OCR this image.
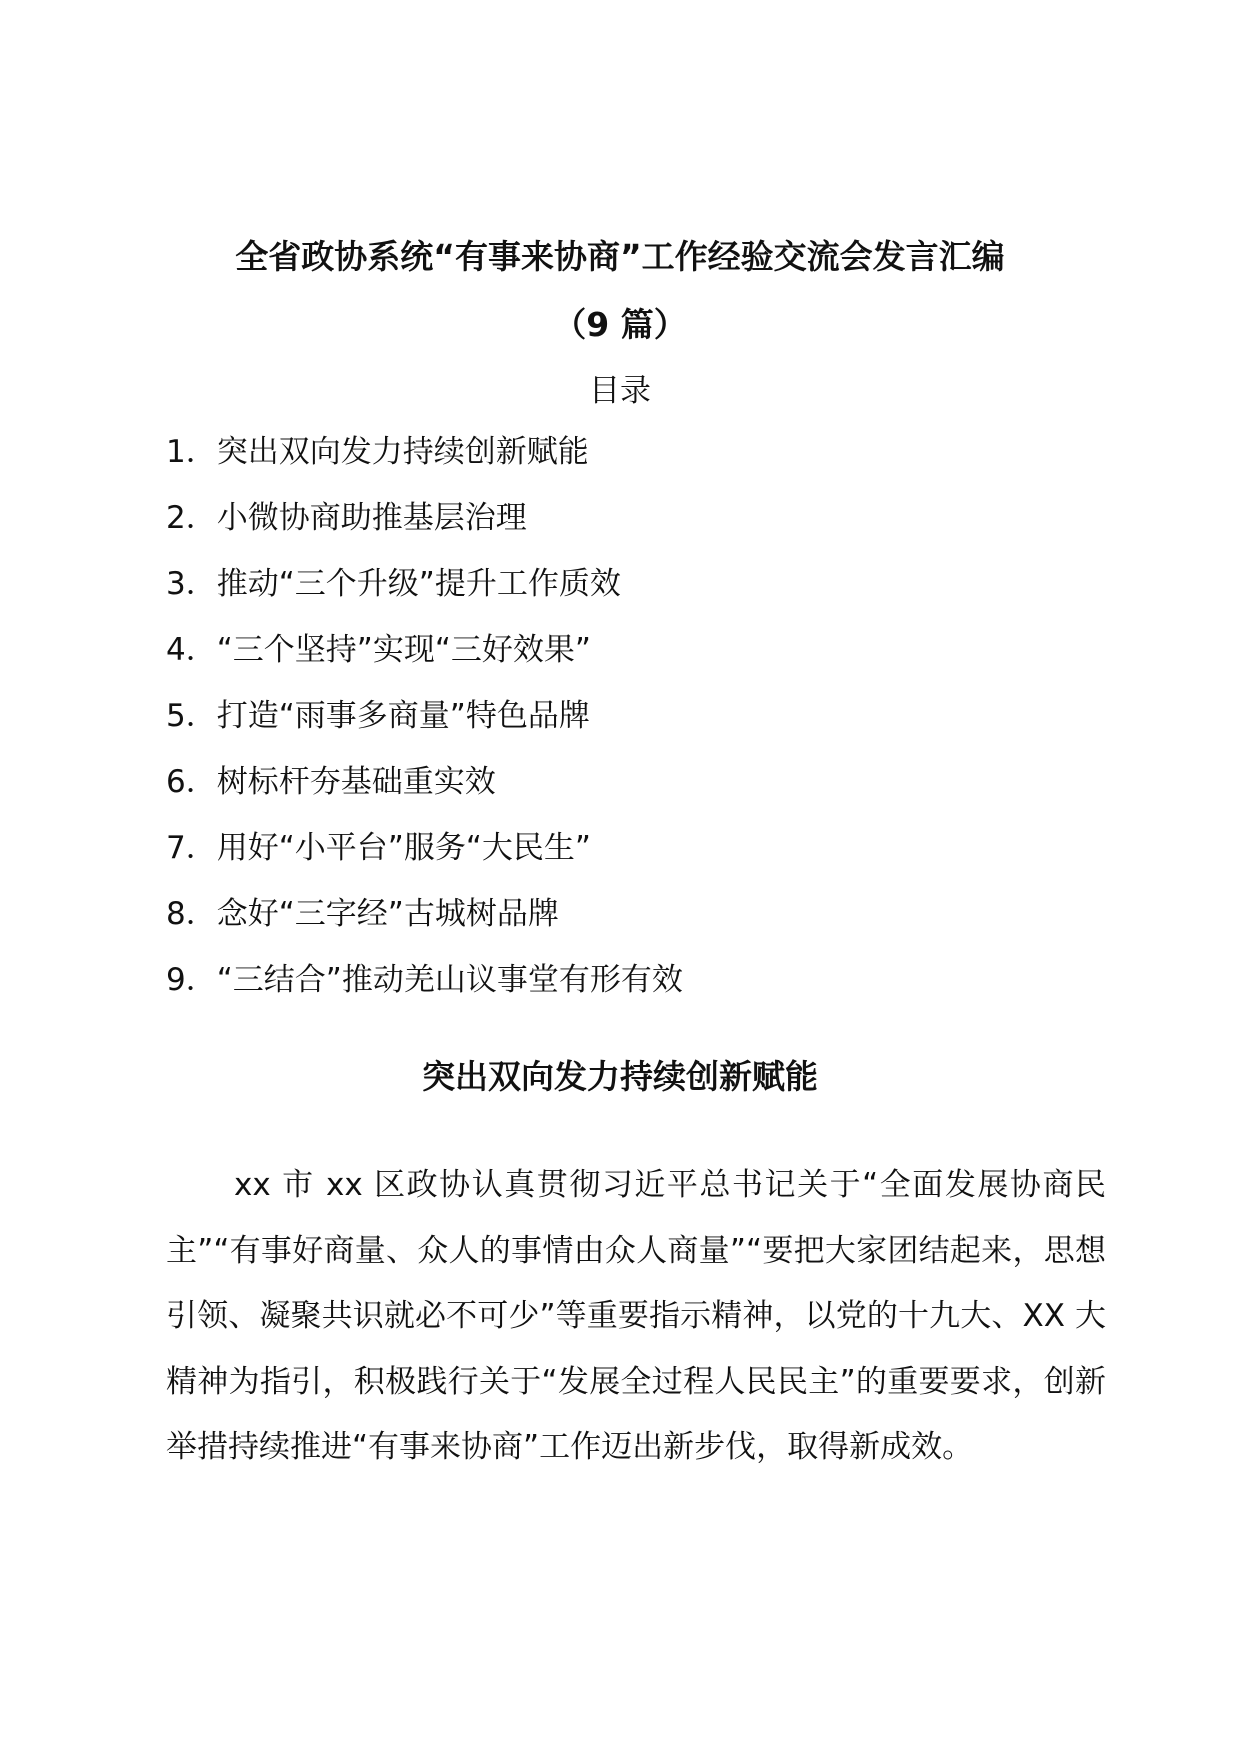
全省政协系统“有事来协商”工作经验交流会发言汇编
（9 篇）
目录
1．突出双向发力持续创新赋能
2．小微协商助推基层治理
3．推动“三个升级”提升工作质效
4．“三个坚持”实现“三好效果”
5．打造“雨事多商量”特色品牌
6．树标杆夯基础重实效
7．用好“小平台”服务“大民生”
8．念好“三字经”古城树品牌
9．“三结合”推动羌山议事堂有形有效
突出双向发力持续创新赋能

xx 市 xx 区政协认真贯彻习近平总书记关于“全面发展协商民主”“有事好商量、众人的事情由众人商量”“要把大家团结起来，思想引领、凝聚共识就必不可少”等重要指示精神，以党的十九大、XX 大精神为指引，积极践行关于“发展全过程人民民主”的重要要求，创新举措持续推进“有事来协商”工作迈出新步伐，取得新成效。
